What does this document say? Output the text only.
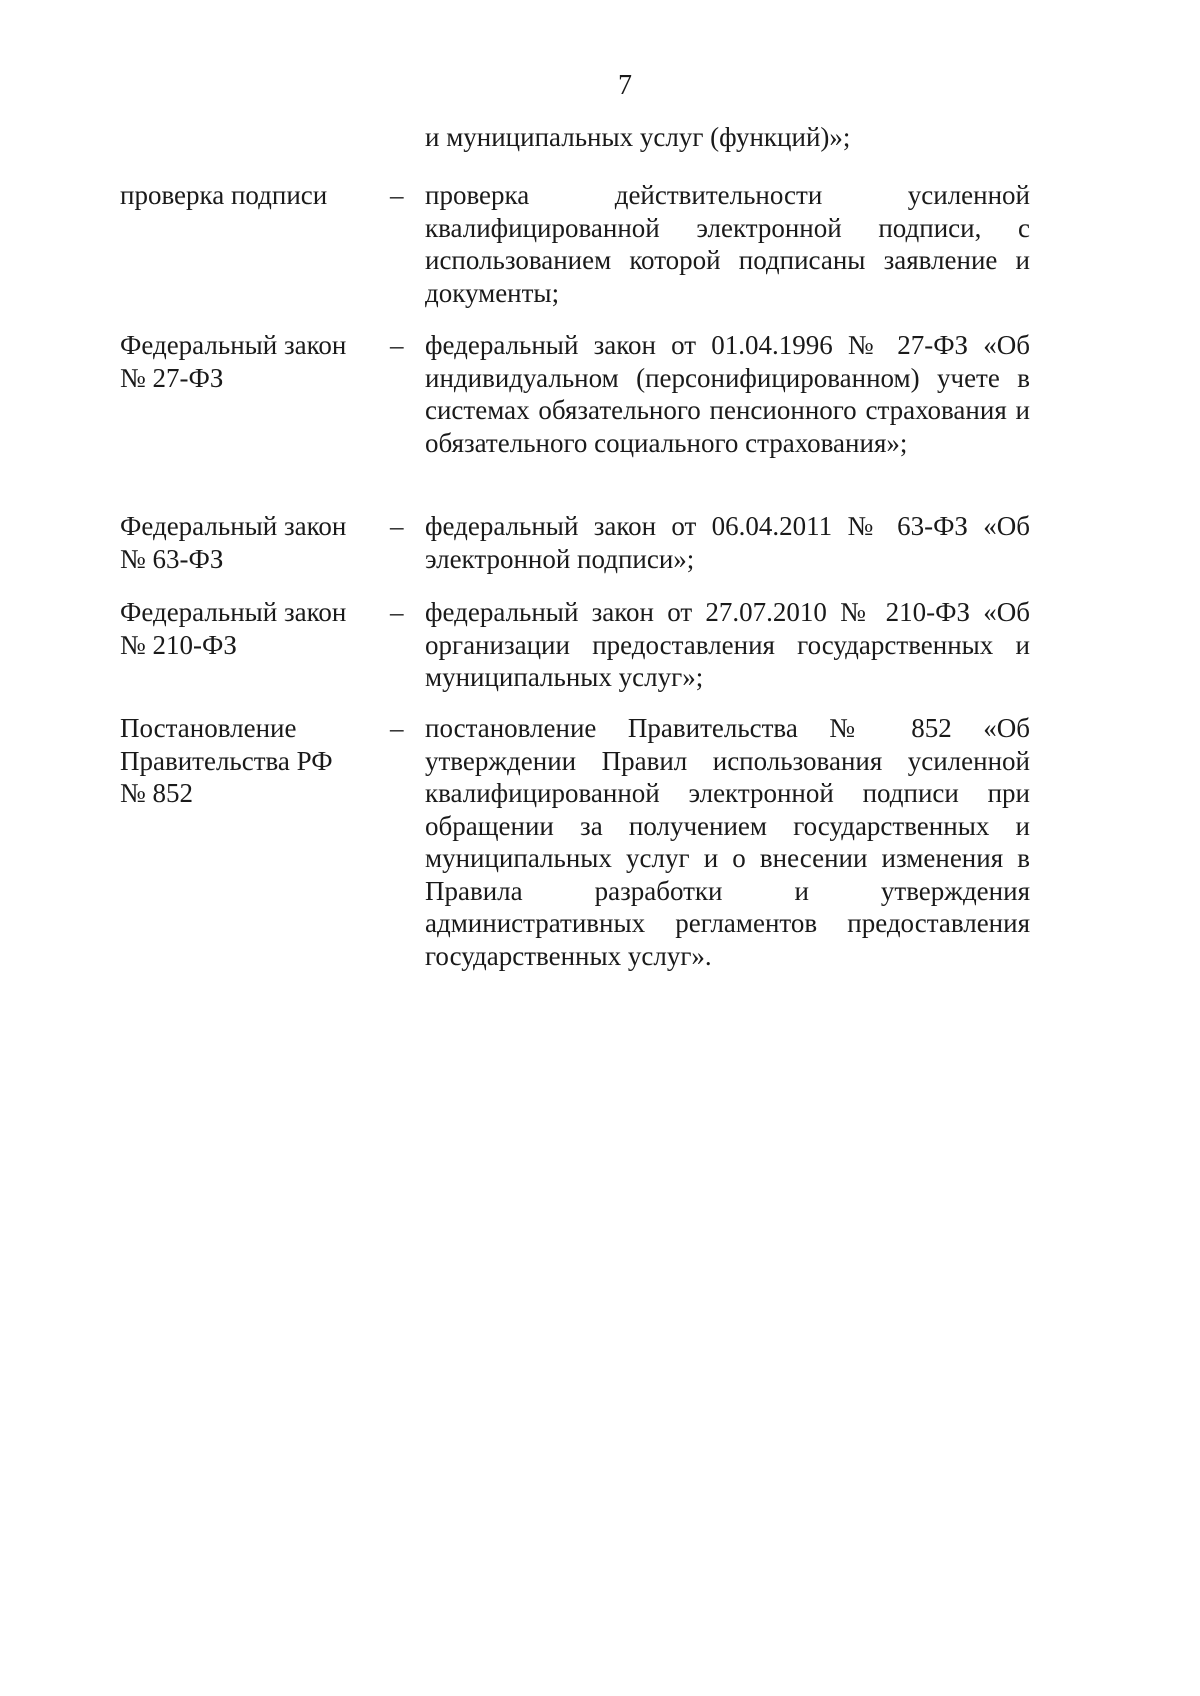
7
и муниципальных услуг (функций)»;
проверка подписи	– проверка действительности усиленной квалифицированной электронной подписи, с использованием которой подписаны заявление и документы;
Федеральный закон
№ 27-ФЗ
– федеральный закон от 01.04.1996 № 27-ФЗ «Об индивидуальном (персонифицированном) учете в системах обязательного пенсионного страхования и обязательного социального страхования»;
Федеральный закон
№ 63-ФЗ
– федеральный закон от 06.04.2011 № 63-ФЗ «Об электронной подписи»;
Федеральный закон
№ 210-ФЗ
– федеральный закон от 27.07.2010 № 210-ФЗ «Об организации предоставления государственных и муниципальных услуг»;
Постановление
Правительства РФ
№ 852
– постановление Правительства № 852 «Об утверждении Правил использования усиленной квалифицированной электронной подписи при обращении за получением государственных и муниципальных услуг и о внесении изменения в Правила разработки и утверждения административных регламентов предоставления государственных услуг».
